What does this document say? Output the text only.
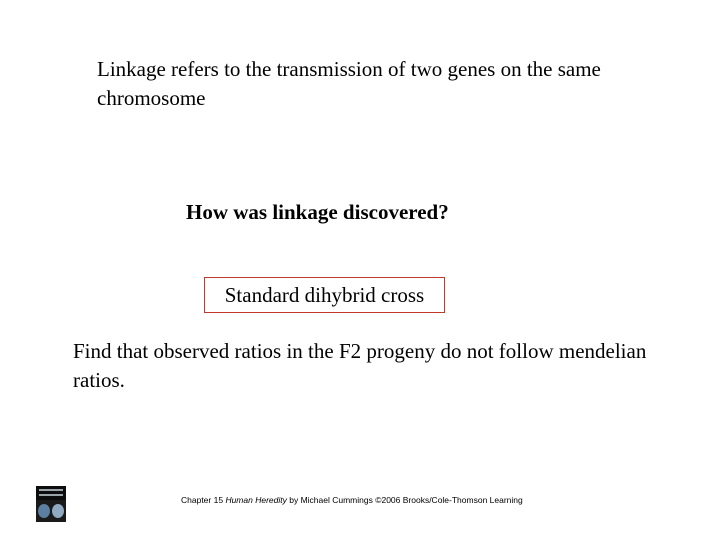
Linkage refers to the transmission of two genes on the same chromosome
How was linkage discovered?
Standard dihybrid cross
Find that observed ratios in the F2 progeny do not follow mendelian ratios.
Chapter 15 Human Heredity by Michael Cummings ©2006 Brooks/Cole-Thomson Learning
